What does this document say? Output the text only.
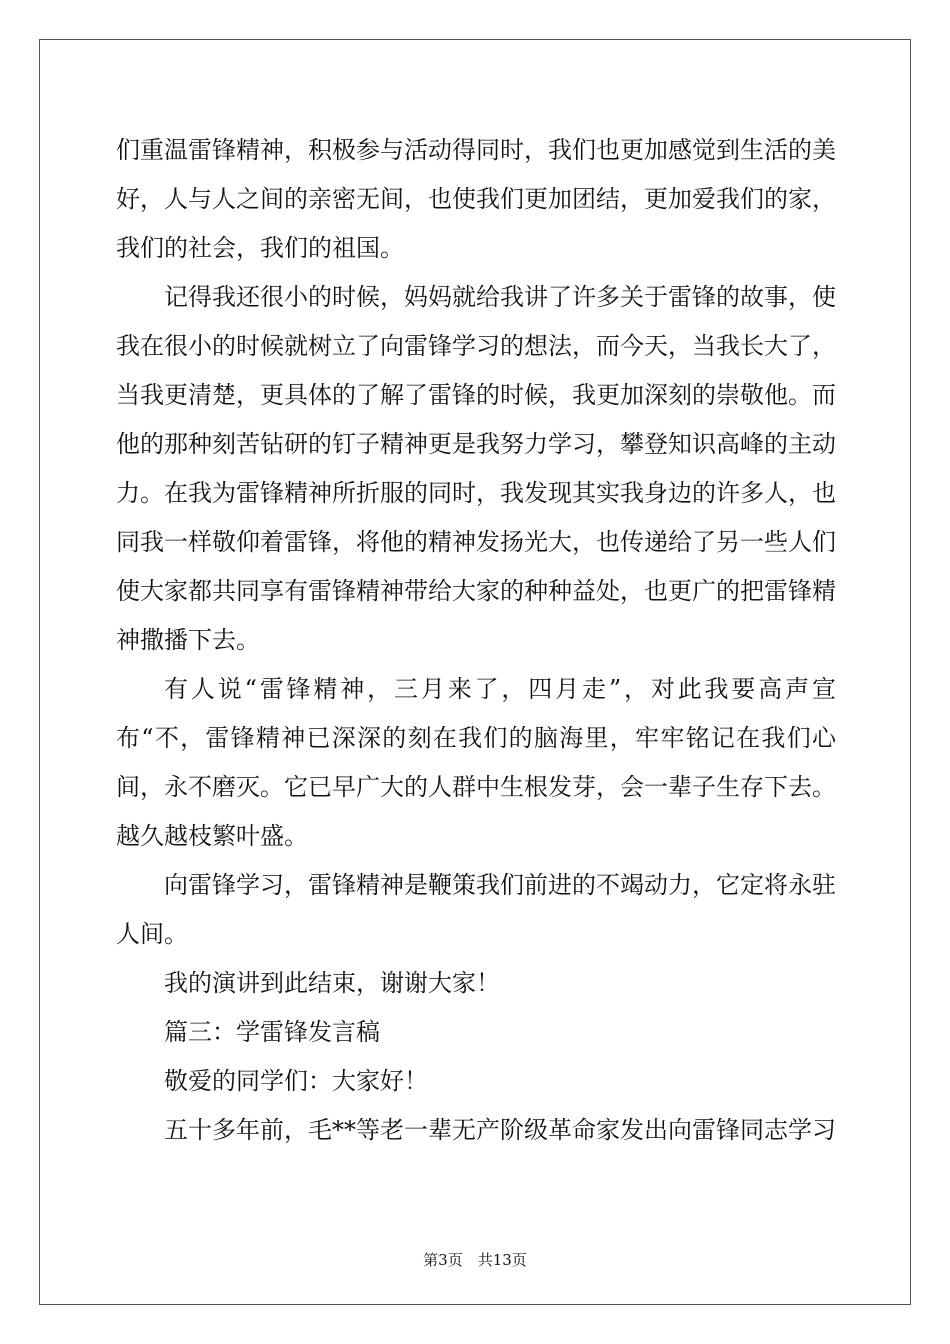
们重温雷锋精神，积极参与活动得同时，我们也更加感觉到生活的美好，人与人之间的亲密无间，也使我们更加团结，更加爱我们的家，我们的社会，我们的祖国。

记得我还很小的时候，妈妈就给我讲了许多关于雷锋的故事，使我在很小的时候就树立了向雷锋学习的想法，而今天，当我长大了，当我更清楚，更具体的了解了雷锋的时候，我更加深刻的崇敬他。而他的那种刻苦钻研的钉子精神更是我努力学习，攀登知识高峰的主动力。在我为雷锋精神所折服的同时，我发现其实我身边的许多人，也同我一样敬仰着雷锋，将他的精神发扬光大，也传递给了另一些人们使大家都共同享有雷锋精神带给大家的种种益处，也更广的把雷锋精神撒播下去。

有人说“雷锋精神，三月来了，四月走”，对此我要高声宣布“不，雷锋精神已深深的刻在我们的脑海里，牢牢铭记在我们心间，永不磨灭。它已早广大的人群中生根发芽，会一辈子生存下去。越久越枝繁叶盛。

向雷锋学习，雷锋精神是鞭策我们前进的不竭动力，它定将永驻人间。

我的演讲到此结束，谢谢大家！

篇三：学雷锋发言稿

敬爱的同学们：大家好！

五十多年前，毛**等老一辈无产阶级革命家发出向雷锋同志学习

第3页　共13页
